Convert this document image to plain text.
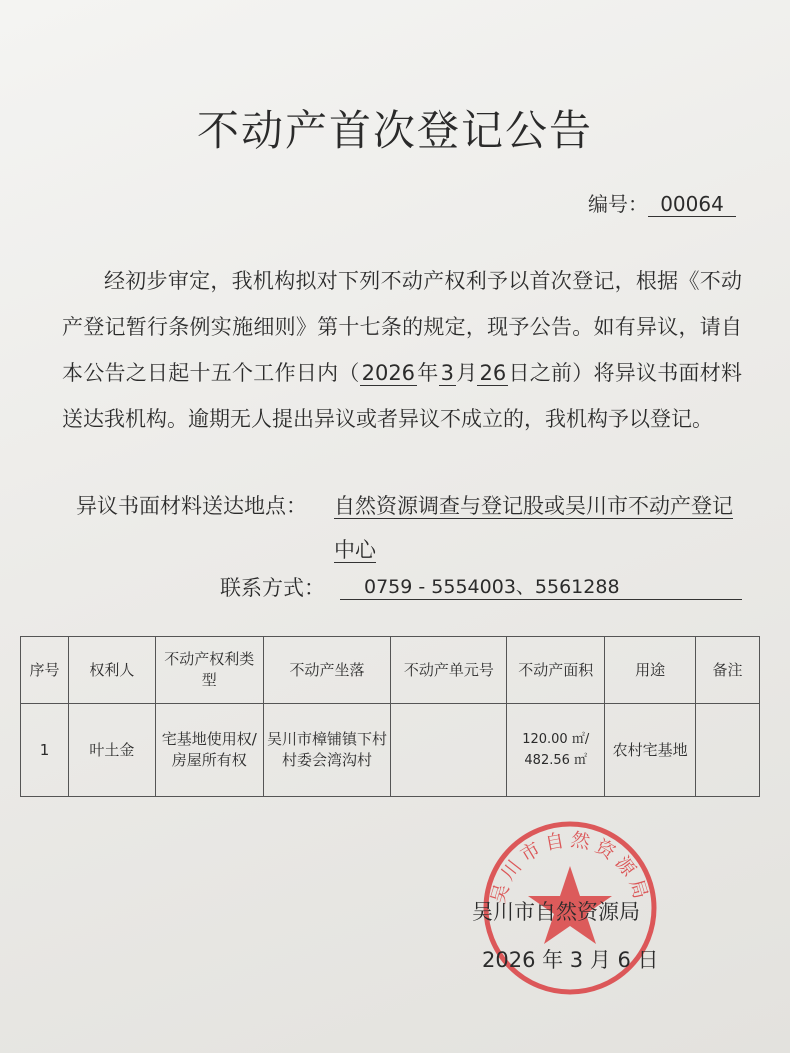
不动产首次登记公告
编号： 00064

经初步审定，我机构拟对下列不动产权利予以首次登记，根据《不动产登记暂行条例实施细则》第十七条的规定，现予公告。如有异议，请自本公告之日起十五个工作日内（2026年3月26日之前）将异议书面材料送达我机构。逾期无人提出异议或者异议不成立的，我机构予以登记。

异议书面材料送达地点： 自然资源调查与登记股或吴川市不动产登记中心
联系方式：	0759 - 5554003、5561288
序号	权利人	不动产权利类型	不动产坐落	不动产单元号	不动产面积	用途	备注
1	叶土金	宅基地使用权/房屋所有权	吴川市樟铺镇下村村委会湾沟村		120.00 ㎡/ 482.56 ㎡	农村宅基地	
吴川市自然资源局
吴川市自然资源局
2026 年 3 月 6 日
